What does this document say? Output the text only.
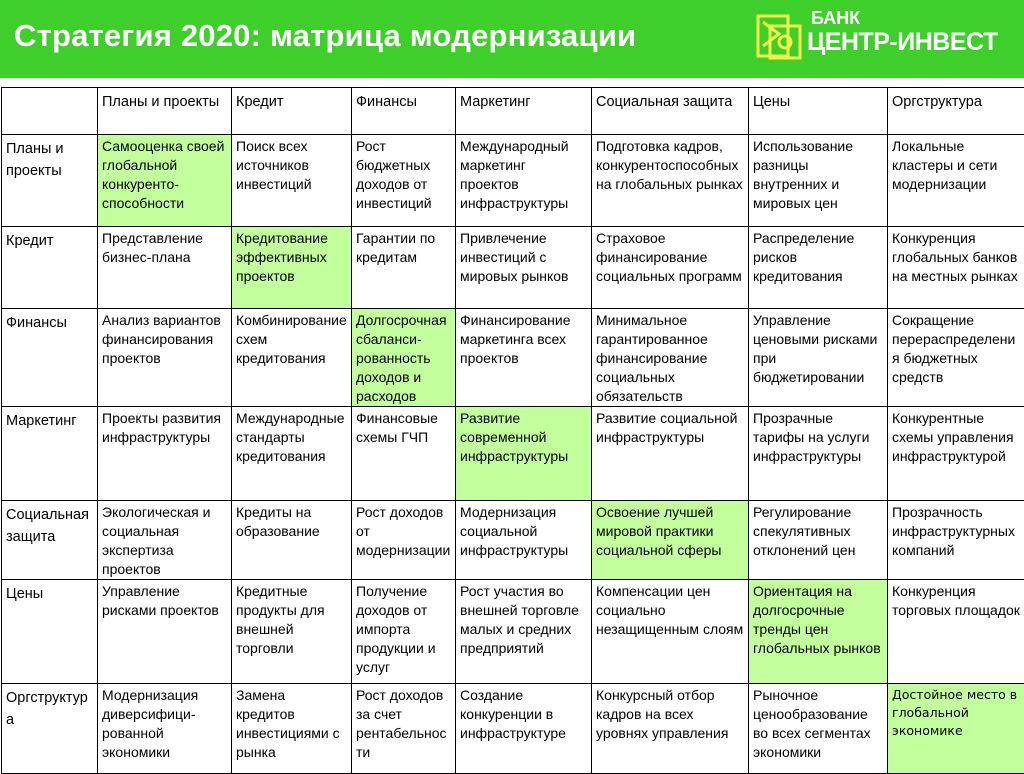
Стратегия 2020: матрица модернизации	БАНК
ЦЕНТР-ИНВЕСТ
	Планы и проекты	Кредит	Финансы	Маркетинг	Социальная защита	Цены	Оргструктура
Планы и проекты	Самооценка своей глобальной конкуренто-способности	Поиск всех источников инвестиций	Рост бюджетных доходов от инвестиций	Международный маркетинг проектов инфраструктуры	Подготовка кадров, конкурентоспособных на глобальных рынках	Использование разницы внутренних и мировых цен	Локальные кластеры и сети модернизации
Кредит	Представление бизнес-плана	Кредитование эффективных проектов	Гарантии по кредитам	Привлечение инвестиций с мировых рынков	Страховое финансирование социальных программ	Распределение рисков кредитования	Конкуренция глобальных банков на местных рынках
Финансы	Анализ вариантов финансирования проектов	Комбинирование схем кредитования	Долгосрочная сбаланси-рованность доходов и расходов	Финансирование маркетинга всех проектов	Минимальное гарантированное финансирование социальных обязательств	Управление ценовыми рисками при бюджетировании	Сокращение перераспределения бюджетных средств
Маркетинг	Проекты развития инфраструктуры	Международные стандарты кредитования	Финансовые схемы ГЧП	Развитие современной инфраструктуры	Развитие социальной инфраструктуры	Прозрачные тарифы на услуги инфраструктуры	Конкурентные схемы управления инфраструктурой
Социальная защита	Экологическая и социальная экспертиза проектов	Кредиты на образование	Рост доходов от модернизации	Модернизация социальной инфраструктуры	Освоение лучшей мировой практики социальной сферы	Регулирование спекулятивных отклонений цен	Прозрачность инфраструктурных компаний
Цены	Управление рисками проектов	Кредитные продукты для внешней торговли	Получение доходов от импорта продукции и услуг	Рост участия во внешней торговле малых и средних предприятий	Компенсации цен социально незащищенным слоям	Ориентация на долгосрочные тренды цен глобальных рынков	Конкуренция торговых площадок
Оргструктура	Модернизация диверсифици-рованной экономики	Замена кредитов инвестициями с рынка	Рост доходов за счет рентабельности	Создание конкуренции в инфраструктуре	Конкурсный отбор кадров на всех уровнях управления	Рыночное ценообразование во всех сегментах экономики	Достойное место в глобальной экономике
